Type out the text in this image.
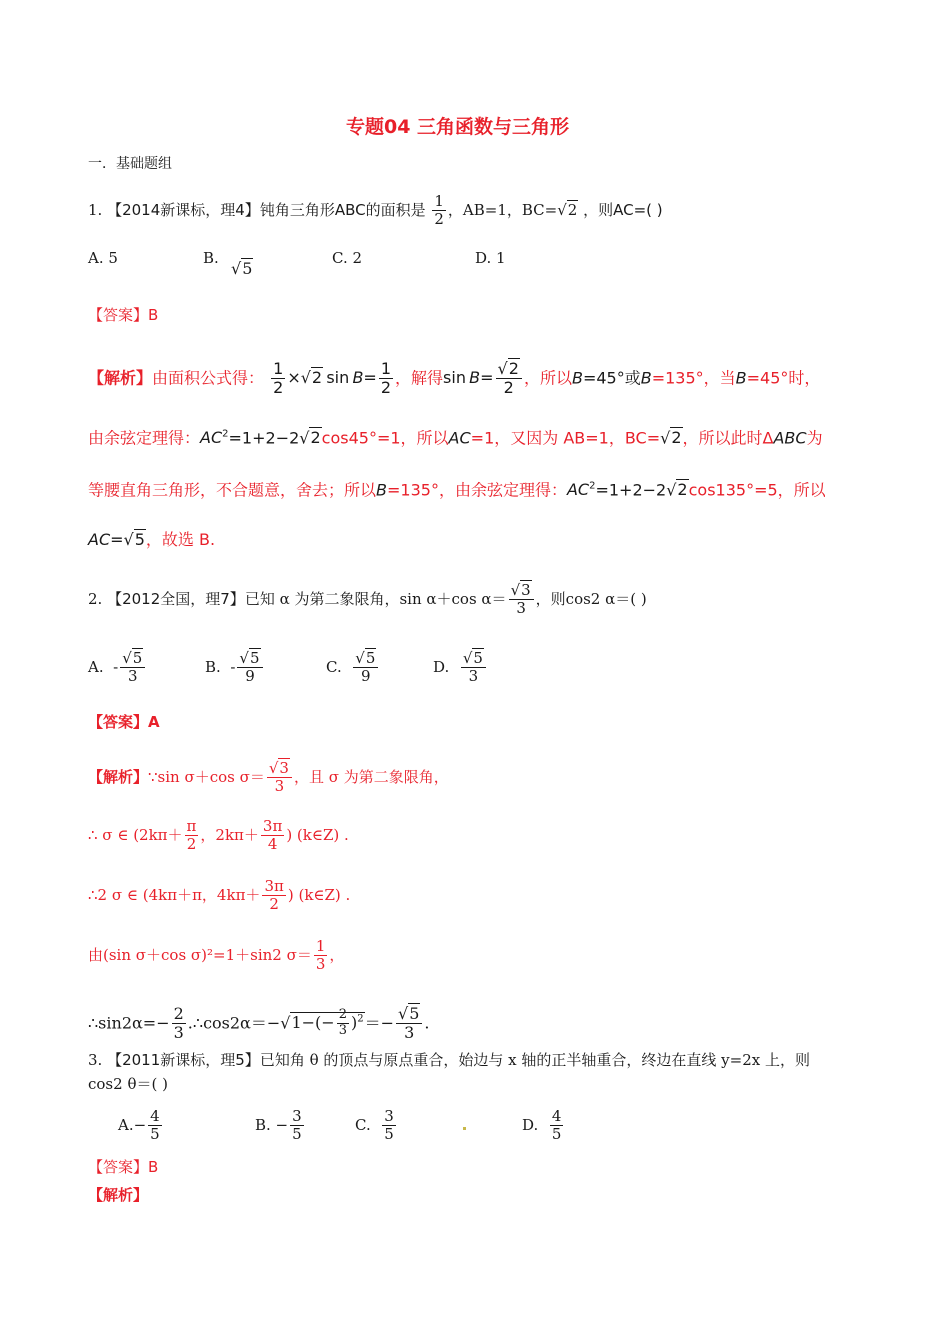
专题04 三角函数与三角形
一．基础题组
1. 【2014新课标，理4】钝角三角形ABC的面积是 $\frac{1}{2}$ ，AB=1，BC=√2 ，则AC=( )
A. 5	B.
√5
C. 2	D. 1
【答案】B
【解析】由面积公式得： $\frac{1}{2} \times√2$  $\sin B= \frac{1}{2}$ ，解得$\sin B= \frac{√2}{2}$ ，所以B=45°或B=135°，当B=45°时，
由余弦定理得：$AC^2=1+2-2√2\cos 45^\circ=1$，所以AC=1，又因为 AB=1，BC=√2，所以此时ΔABC为
等腰直角三角形，不合题意，舍去；所以B=135°，由余弦定理得：$AC^2=1+2-2√2\cos 135^\circ=5$，所以
AC=√5，故选 B.
2. 【2012全国，理7】已知 α 为第二象限角，sin α＋cos $\alpha= \frac{√3}{3}$ ，则cos2 α＝( )
A.  - $\frac{√5}{3}$	B.  - $\frac{√5}{9}$	C. $\frac{√5}{9}$	D. $\frac{√5}{3}$
【答案】A
【解析】∵sin σ＋cos $\sigma= \frac{√3}{3}$ ，且 σ 为第二象限角，
∴ σ ∈ ($2k\pi+ \frac{\pi}{2}$ ，$2k\pi+ \frac{3\pi}{4}$ ) (k∈Z) .
∴2 σ ∈ (4kπ＋π，$4k\pi+ \frac{3\pi}{2}$ ) (k∈Z) .
由(sin σ＋cos σ)²=1＋sin2 $\sigma= \frac{1}{3}$ ，
∴sin2α=− $\frac{2}{3}$ .∴cos2α＝−√1−(− $\frac{2}{3} )^2=- \frac{√5}{3}$ .
3. 【2011新课标，理5】已知角 θ 的顶点与原点重合，始边与 x 轴的正半轴重合，终边在直线 y=2x 上，则
cos2 θ＝( )
$A.- \frac{4}{5}$	B. − $\frac{3}{5}$	C. $\frac{3}{5}$	D. $\frac{4}{5}$
【答案】B
【解析】
